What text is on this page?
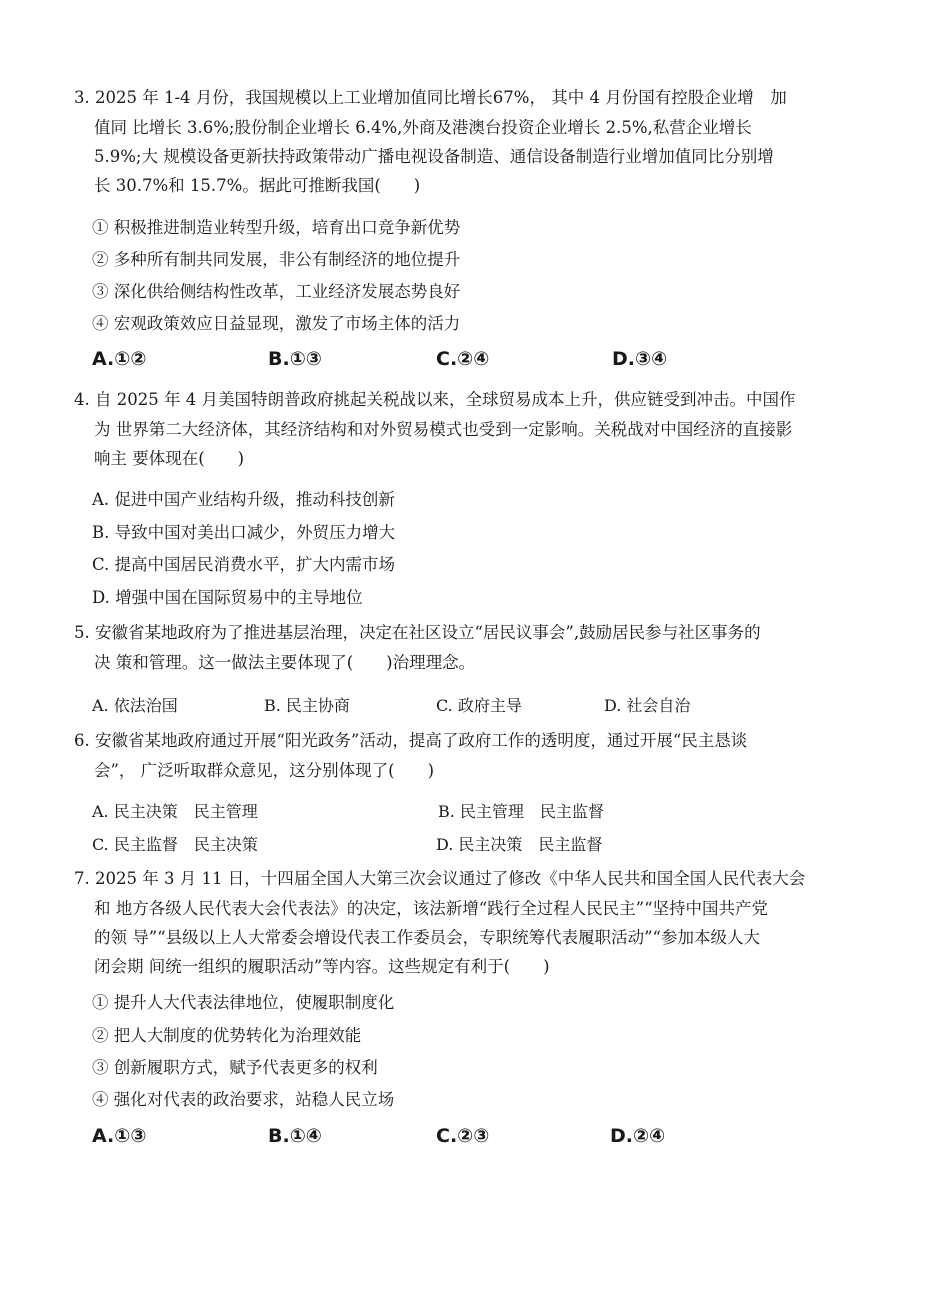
3. 2025 年 1-4 月份，我国规模以上工业增加值同比增长67%， 其中 4 月份国有控股企业增　加
值同 比增长 3.6%;股份制企业增长 6.4%,外商及港澳台投资企业增长 2.5%,私营企业增长
5.9%;大 规模设备更新扶持政策带动广播电视设备制造、通信设备制造行业增加值同比分别增
长 30.7%和 15.7%。据此可推断我国(　　)
① 积极推进制造业转型升级，培育出口竞争新优势
② 多种所有制共同发展，非公有制经济的地位提升
③ 深化供给侧结构性改革，工业经济发展态势良好
④ 宏观政策效应日益显现，激发了市场主体的活力
A.①②	B.①③	C.②④	D.③④
4. 自 2025 年 4 月美国特朗普政府挑起关税战以来，全球贸易成本上升，供应链受到冲击。中国作
为 世界第二大经济体，其经济结构和对外贸易模式也受到一定影响。关税战对中国经济的直接影
响主 要体现在(　　)
A. 促进中国产业结构升级，推动科技创新
B. 导致中国对美出口减少，外贸压力增大
C. 提高中国居民消费水平，扩大内需市场
D. 增强中国在国际贸易中的主导地位
5. 安徽省某地政府为了推进基层治理，决定在社区设立“居民议事会”,鼓励居民参与社区事务的
决 策和管理。这一做法主要体现了(　　)治理理念。
A. 依法治国	B. 民主协商	C. 政府主导	D. 社会自治
6. 安徽省某地政府通过开展“阳光政务”活动，提高了政府工作的透明度，通过开展“民主恳谈
会”， 广泛听取群众意见，这分别体现了(　　)
A. 民主决策　民主管理	B. 民主管理　民主监督
C. 民主监督　民主决策	D. 民主决策　民主监督
7. 2025 年 3 月 11 日，十四届全国人大第三次会议通过了修改《中华人民共和国全国人民代表大会
和 地方各级人民代表大会代表法》的决定，该法新增“践行全过程人民民主”“坚持中国共产党
的领 导”“县级以上人大常委会增设代表工作委员会，专职统筹代表履职活动”“参加本级人大
闭会期 间统一组织的履职活动”等内容。这些规定有利于(　　)
① 提升人大代表法律地位，使履职制度化
② 把人大制度的优势转化为治理效能
③ 创新履职方式，赋予代表更多的权利
④ 强化对代表的政治要求，站稳人民立场
A.①③	B.①④	C.②③	D.②④
